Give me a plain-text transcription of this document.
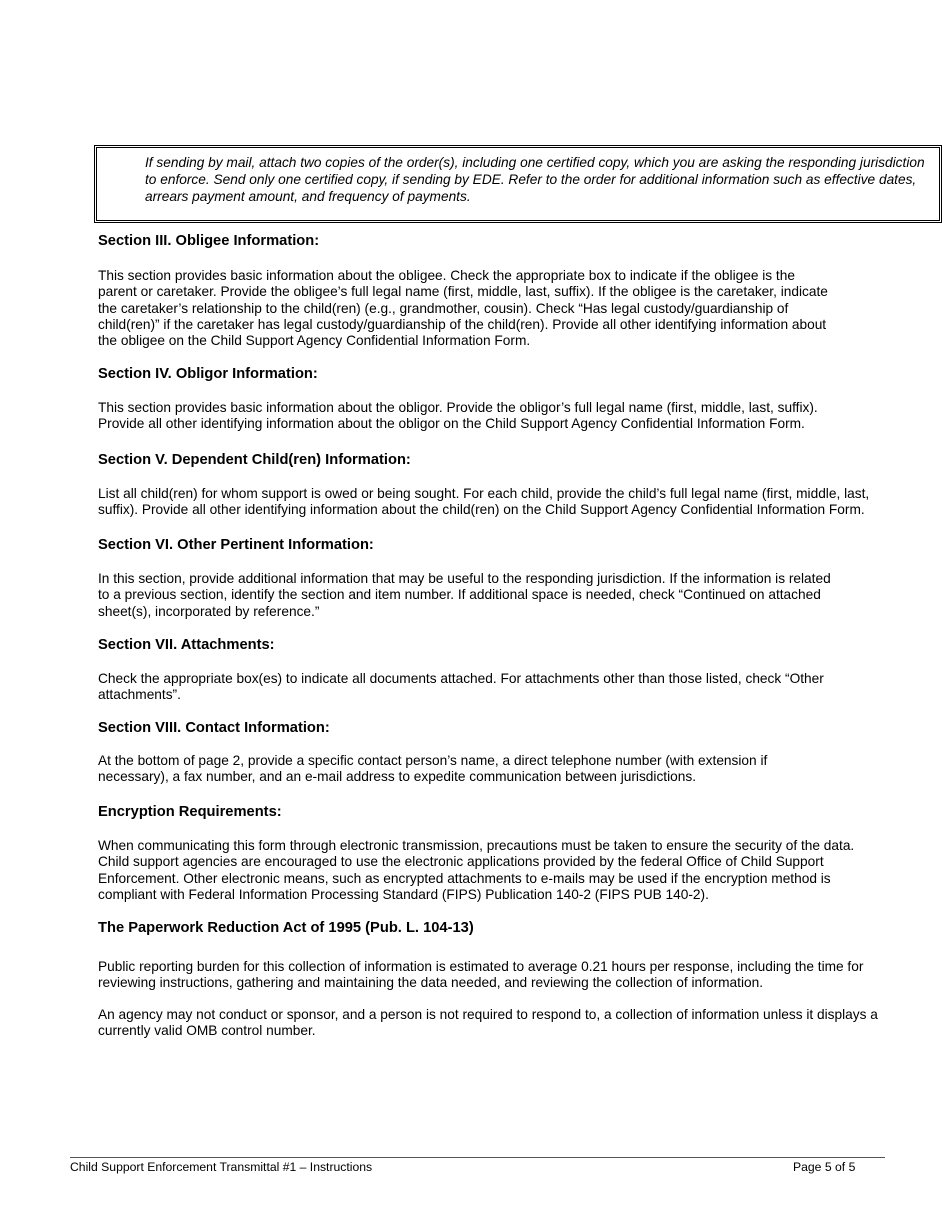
If sending by mail, attach two copies of the order(s), including one certified copy, which you are asking the responding jurisdiction to enforce. Send only one certified copy, if sending by EDE. Refer to the order for additional information such as effective dates, arrears payment amount, and frequency of payments.
Section III. Obligee Information:
This section provides basic information about the obligee. Check the appropriate box to indicate if the obligee is the parent or caretaker. Provide the obligee’s full legal name (first, middle, last, suffix). If the obligee is the caretaker, indicate the caretaker’s relationship to the child(ren) (e.g., grandmother, cousin). Check “Has legal custody/guardianship of child(ren)” if the caretaker has legal custody/guardianship of the child(ren). Provide all other identifying information about the obligee on the Child Support Agency Confidential Information Form.
Section IV. Obligor Information:
This section provides basic information about the obligor. Provide the obligor’s full legal name (first, middle, last, suffix). Provide all other identifying information about the obligor on the Child Support Agency Confidential Information Form.
Section V. Dependent Child(ren) Information:
List all child(ren) for whom support is owed or being sought. For each child, provide the child’s full legal name (first, middle, last, suffix). Provide all other identifying information about the child(ren) on the Child Support Agency Confidential Information Form.
Section VI. Other Pertinent Information:
In this section, provide additional information that may be useful to the responding jurisdiction. If the information is related to a previous section, identify the section and item number. If additional space is needed, check “Continued on attached sheet(s), incorporated by reference.”
Section VII. Attachments:
Check the appropriate box(es) to indicate all documents attached. For attachments other than those listed, check “Other attachments”.
Section VIII. Contact Information:
At the bottom of page 2, provide a specific contact person’s name, a direct telephone number (with extension if necessary), a fax number, and an e-mail address to expedite communication between jurisdictions.
Encryption Requirements:
When communicating this form through electronic transmission, precautions must be taken to ensure the security of the data. Child support agencies are encouraged to use the electronic applications provided by the federal Office of Child Support Enforcement. Other electronic means, such as encrypted attachments to e-mails may be used if the encryption method is compliant with Federal Information Processing Standard (FIPS) Publication 140-2 (FIPS PUB 140-2).
The Paperwork Reduction Act of 1995 (Pub. L. 104-13)
Public reporting burden for this collection of information is estimated to average 0.21 hours per response, including the time for reviewing instructions, gathering and maintaining the data needed, and reviewing the collection of information.
An agency may not conduct or sponsor, and a person is not required to respond to, a collection of information unless it displays a currently valid OMB control number.
Child Support Enforcement Transmittal #1 – Instructions	Page 5 of 5
